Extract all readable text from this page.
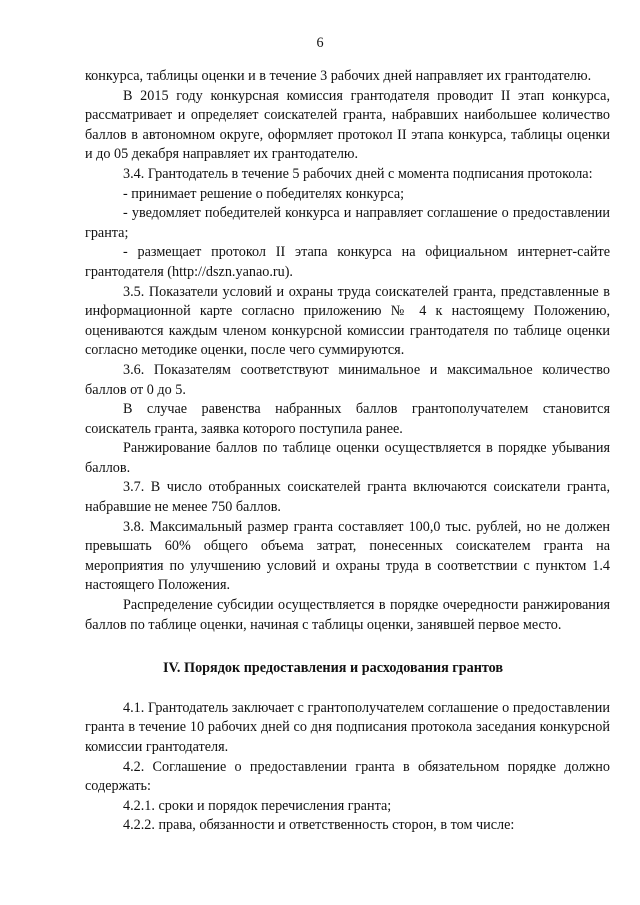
6

конкурса, таблицы оценки и в течение 3 рабочих дней направляет их грантодателю.

В 2015 году конкурсная комиссия грантодателя проводит II этап конкурса, рассматривает и определяет соискателей гранта, набравших наибольшее количество баллов в автономном округе, оформляет протокол II этапа конкурса, таблицы оценки и до 05 декабря направляет их грантодателю.

3.4. Грантодатель в течение 5 рабочих дней с момента подписания протокола:

- принимает решение о победителях конкурса;

- уведомляет победителей конкурса и направляет соглашение о предоставлении гранта;

- размещает протокол II этапа конкурса на официальном интернет-сайте грантодателя (http://dszn.yanao.ru).

3.5. Показатели условий и охраны труда соискателей гранта, представленные в информационной карте согласно приложению № 4 к настоящему Положению, оцениваются каждым членом конкурсной комиссии грантодателя по таблице оценки согласно методике оценки, после чего суммируются.

3.6. Показателям соответствуют минимальное и максимальное количество баллов от 0 до 5.

В случае равенства набранных баллов грантополучателем становится соискатель гранта, заявка которого поступила ранее.

Ранжирование баллов по таблице оценки осуществляется в порядке убывания баллов.

3.7. В число отобранных соискателей гранта включаются соискатели гранта, набравшие не менее 750 баллов.

3.8. Максимальный размер гранта составляет 100,0 тыс. рублей, но не должен превышать 60% общего объема затрат, понесенных соискателем гранта на мероприятия по улучшению условий и охраны труда в соответствии с пунктом 1.4 настоящего Положения.

Распределение субсидии осуществляется в порядке очередности ранжирования баллов по таблице оценки, начиная с таблицы оценки, занявшей первое место.

IV. Порядок предоставления и расходования грантов

4.1. Грантодатель заключает с грантополучателем соглашение о предоставлении гранта в течение 10 рабочих дней со дня подписания протокола заседания конкурсной комиссии грантодателя.

4.2. Соглашение о предоставлении гранта в обязательном порядке должно содержать:

4.2.1. сроки и порядок перечисления гранта;

4.2.2. права, обязанности и ответственность сторон, в том числе:
